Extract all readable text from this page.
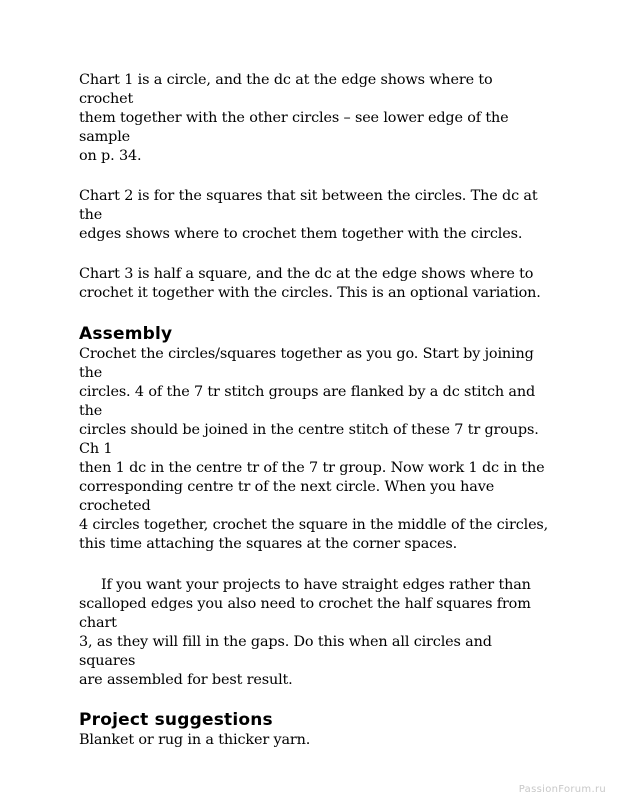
Chart 1 is a circle, and the dc at the edge shows where to crochet
them together with the other circles – see lower edge of the sample
on p. 34.

Chart 2 is for the squares that sit between the circles. The dc at the
edges shows where to crochet them together with the circles.

Chart 3 is half a square, and the dc at the edge shows where to
crochet it together with the circles. This is an optional variation.

Assembly

Crochet the circles/squares together as you go. Start by joining the
circles. 4 of the 7 tr stitch groups are flanked by a dc stitch and the
circles should be joined in the centre stitch of these 7 tr groups. Ch 1
then 1 dc in the centre tr of the 7 tr group. Now work 1 dc in the
corresponding centre tr of the next circle. When you have crocheted
4 circles together, crochet the square in the middle of the circles,
this time attaching the squares at the corner spaces.

If you want your projects to have straight edges rather than
scalloped edges you also need to crochet the half squares from chart
3, as they will fill in the gaps. Do this when all circles and squares
are assembled for best result.

Project suggestions

Blanket or rug in a thicker yarn.

PassionForum.ru
